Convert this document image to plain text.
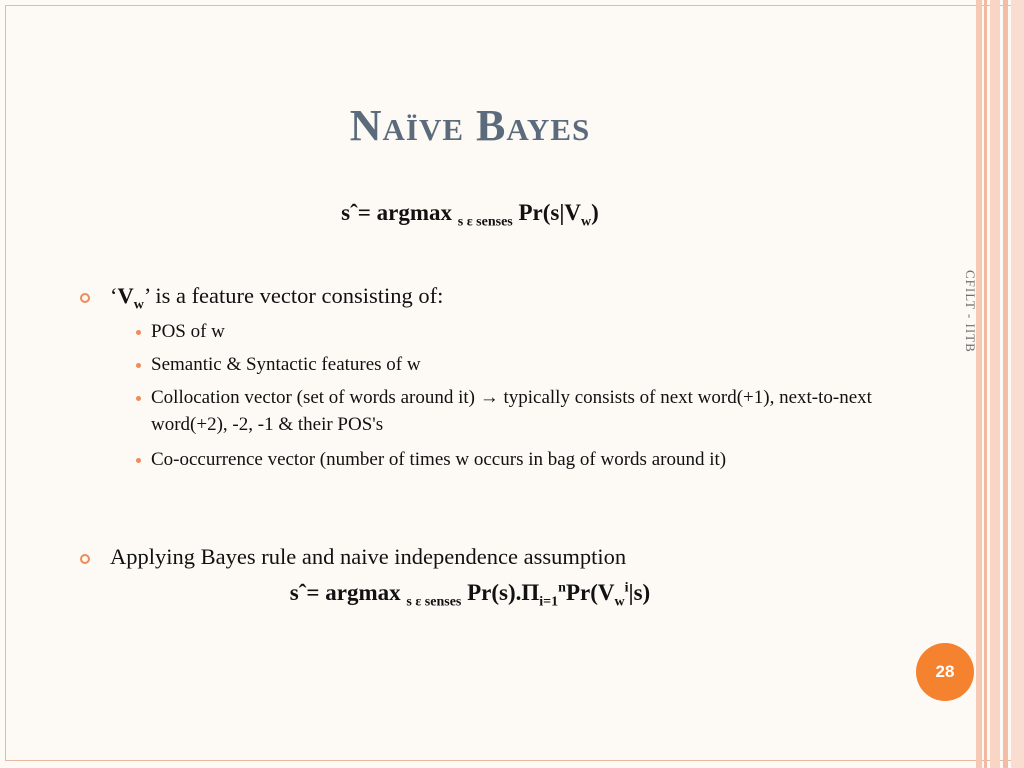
Naïve Bayes
sˆ= argmax $_{s \varepsilon senses}$ $Pr(s|V_w)$
‘$V_w$’ is a feature vector consisting of:
POS of w
Semantic & Syntactic features of w
Collocation vector (set of words around it) → typically consists of next word(+1), next-to-next word(+2), -2, -1 & their POS's
Co-occurrence vector (number of times w occurs in bag of words around it)
Applying Bayes rule and naive independence assumption
sˆ= argmax $_{s \varepsilon senses}$ $Pr(s).\Pi_{i=1}^nPr(V_w^i|s)$
CFILT - IITB
28
